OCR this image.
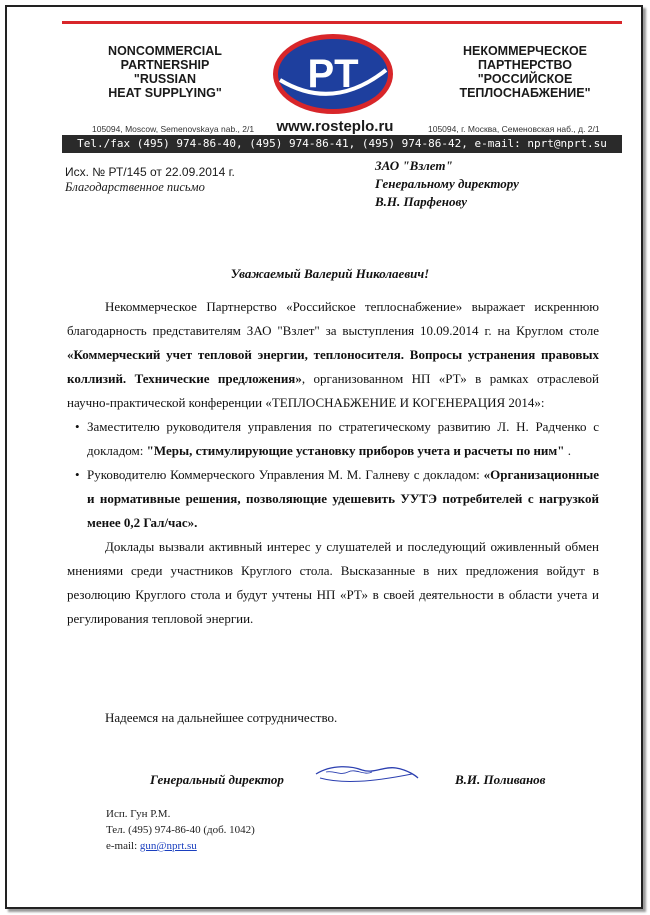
NONCOMMERCIAL
PARTNERSHIP
"RUSSIAN
HEAT SUPPLYING"	PT
НЕКОММЕРЧЕСКОЕ
ПАРТНЕРСТВО
"РОССИЙСКОЕ
ТЕПЛОСНАБЖЕНИЕ"
105094, Moscow, Semenovskaya nab., 2/1	www.rosteplo.ru	105094, г. Москва, Семеновская наб., д. 2/1
Tel./fax (495) 974-86-40, (495) 974-86-41, (495) 974-86-42, e-mail: nprt@nprt.su
Исх. № РТ/145 от 22.09.2014 г.
Благодарственное письмо
ЗАО "Взлет"
Генеральному директору
В.Н. Парфенову
Уважаемый Валерий Николаевич!

Некоммерческое Партнерство «Российское теплоснабжение» выражает искреннюю благодарность представителям ЗАО "Взлет" за выступления 10.09.2014 г. на Круглом столе «Коммерческий учет тепловой энергии, теплоносителя. Вопросы устранения правовых коллизий. Технические предложения», организованном НП «РТ» в рамках отраслевой научно-практической конференции «ТЕПЛОСНАБЖЕНИЕ И КОГЕНЕРАЦИЯ 2014»:

• Заместителю руководителя управления по стратегическому развитию Л. Н. Радченко с докладом: "Меры, стимулирующие установку приборов учета и расчеты по ним" .

• Руководителю Коммерческого Управления М. М. Галневу с докладом: «Организационные и нормативные решения, позволяющие удешевить УУТЭ потребителей с нагрузкой менее 0,2 Гал/час».

Доклады вызвали активный интерес у слушателей и последующий оживленный обмен мнениями среди участников Круглого стола. Высказанные в них предложения войдут в резолюцию Круглого стола и будут учтены НП «РТ» в своей деятельности в области учета и регулирования тепловой энергии.

Надеемся на дальнейшее сотрудничество.
Генеральный директор	В.И. Поливанов
Исп. Гун Р.М.
Тел. (495) 974-86-40 (доб. 1042)
e-mail: gun@nprt.su
